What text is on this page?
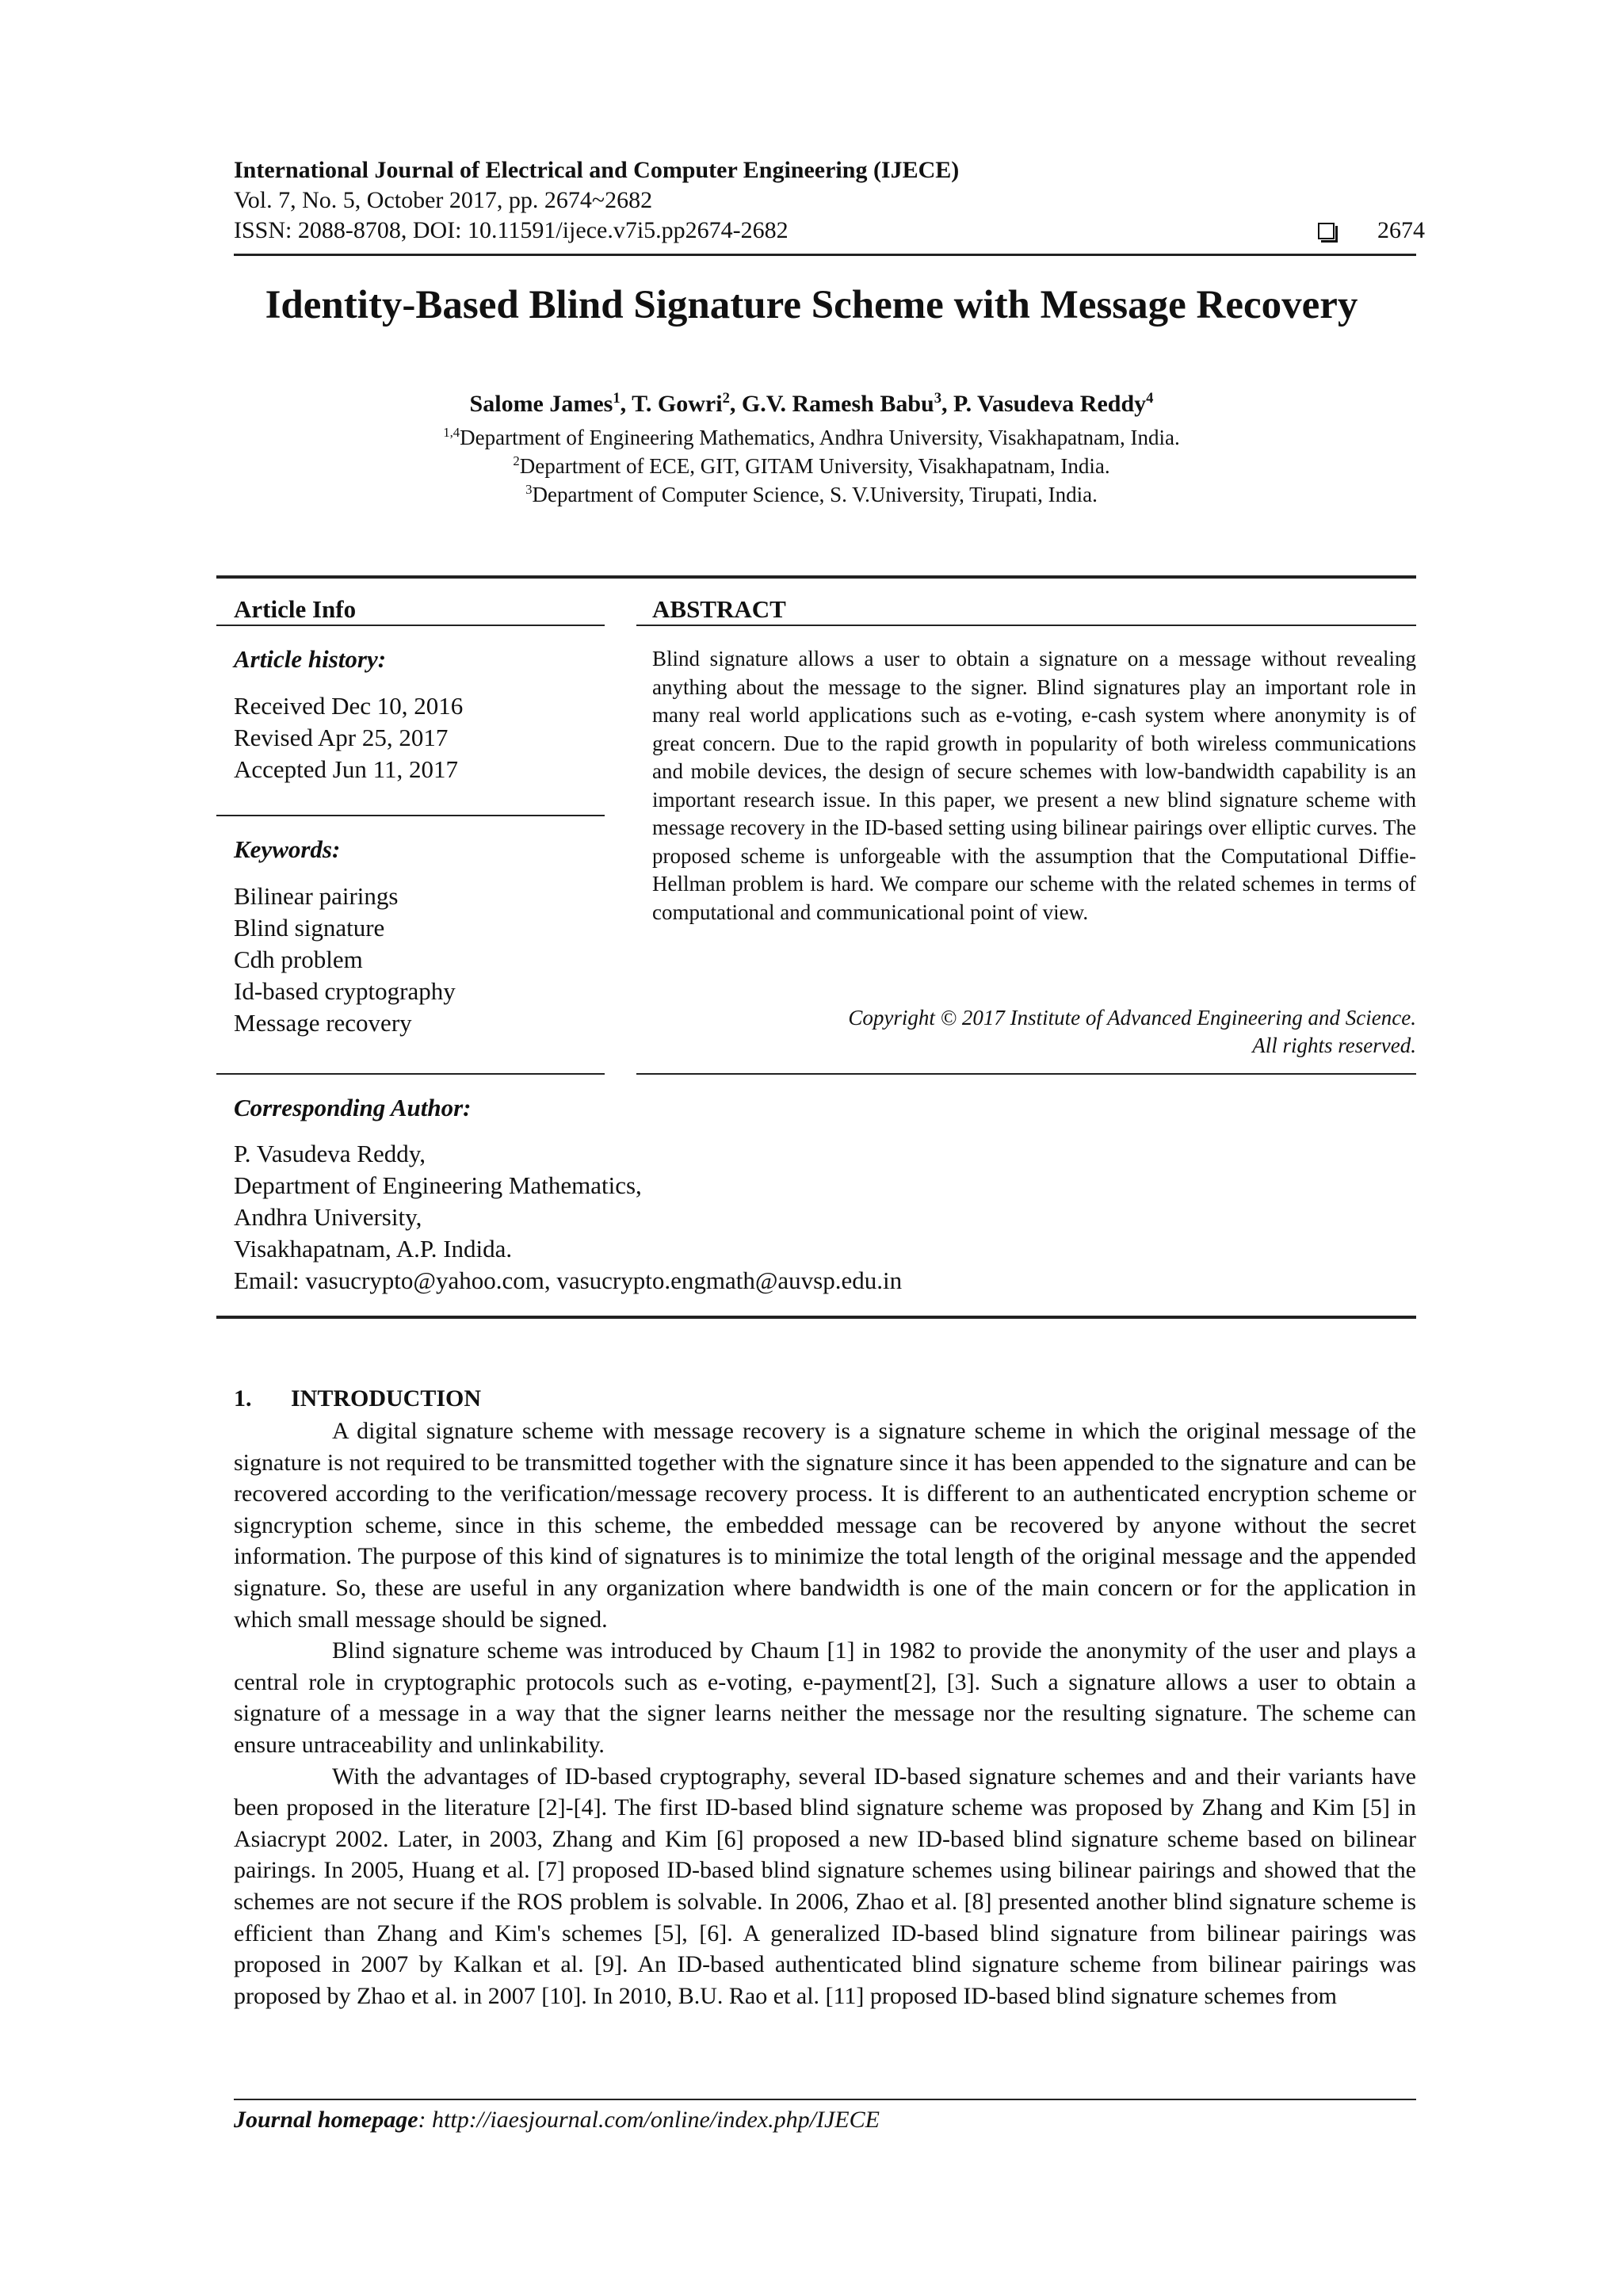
International Journal of Electrical and Computer Engineering (IJECE)
Vol. 7, No. 5, October 2017, pp. 2674~2682
ISSN: 2088-8708, DOI: 10.11591/ijece.v7i5.pp2674-2682	2674
Identity-Based Blind Signature Scheme with Message Recovery
Salome James$^1$, T. Gowri$^2$, G.V. Ramesh Babu$^3$, P. Vasudeva Reddy$^4$
$^{1,4}$Department of Engineering Mathematics, Andhra University, Visakhapatnam, India.
$^2$Department of ECE, GIT, GITAM University, Visakhapatnam, India.
$^3$Department of Computer Science, S. V.University, Tirupati, India.
Article Info
Article history:
Received Dec 10, 2016
Revised Apr 25, 2017
Accepted Jun 11, 2017
Keywords:
Bilinear pairings
Blind signature
Cdh problem
Id-based cryptography
Message recovery
ABSTRACT
Blind signature allows a user to obtain a signature on a message without revealing anything about the message to the signer. Blind signatures play an important role in many real world applications such as e-voting, e-cash system where anonymity is of great concern. Due to the rapid growth in popularity of both wireless communications and mobile devices, the design of secure schemes with low-bandwidth capability is an important research issue. In this paper, we present a new blind signature scheme with message recovery in the ID-based setting using bilinear pairings over elliptic curves. The proposed scheme is unforgeable with the assumption that the Computational Diffie-Hellman problem is hard. We compare our scheme with the related schemes in terms of computational and communicational point of view.
Copyright © 2017 Institute of Advanced Engineering and Science.
All rights reserved.
Corresponding Author:
P. Vasudeva Reddy,
Department of Engineering Mathematics,
Andhra University,
Visakhapatnam, A.P. Indida.
Email: vasucrypto@yahoo.com, vasucrypto.engmath@auvsp.edu.in
1. INTRODUCTION

A digital signature scheme with message recovery is a signature scheme in which the original message of the signature is not required to be transmitted together with the signature since it has been appended to the signature and can be recovered according to the verification/message recovery process. It is different to an authenticated encryption scheme or signcryption scheme, since in this scheme, the embedded message can be recovered by anyone without the secret information. The purpose of this kind of signatures is to minimize the total length of the original message and the appended signature. So, these are useful in any organization where bandwidth is one of the main concern or for the application in which small message should be signed.

Blind signature scheme was introduced by Chaum [1] in 1982 to provide the anonymity of the user and plays a central role in cryptographic protocols such as e-voting, e-payment[2], [3]. Such a signature allows a user to obtain a signature of a message in a way that the signer learns neither the message nor the resulting signature. The scheme can ensure untraceability and unlinkability.

With the advantages of ID-based cryptography, several ID-based signature schemes and and their variants have been proposed in the literature [2]-[4]. The first ID-based blind signature scheme was proposed by Zhang and Kim [5] in Asiacrypt 2002. Later, in 2003, Zhang and Kim [6] proposed a new ID-based blind signature scheme based on bilinear pairings. In 2005, Huang et al. [7] proposed ID-based blind signature schemes using bilinear pairings and showed that the schemes are not secure if the ROS problem is solvable. In 2006, Zhao et al. [8] presented another blind signature scheme is efficient than Zhang and Kim's schemes [5], [6]. A generalized ID-based blind signature from bilinear pairings was proposed in 2007 by Kalkan et al. [9]. An ID-based authenticated blind signature scheme from bilinear pairings was proposed by Zhao et al. in 2007 [10]. In 2010, B.U. Rao et al. [11] proposed ID-based blind signature schemes from

Journal homepage: http://iaesjournal.com/online/index.php/IJECE
